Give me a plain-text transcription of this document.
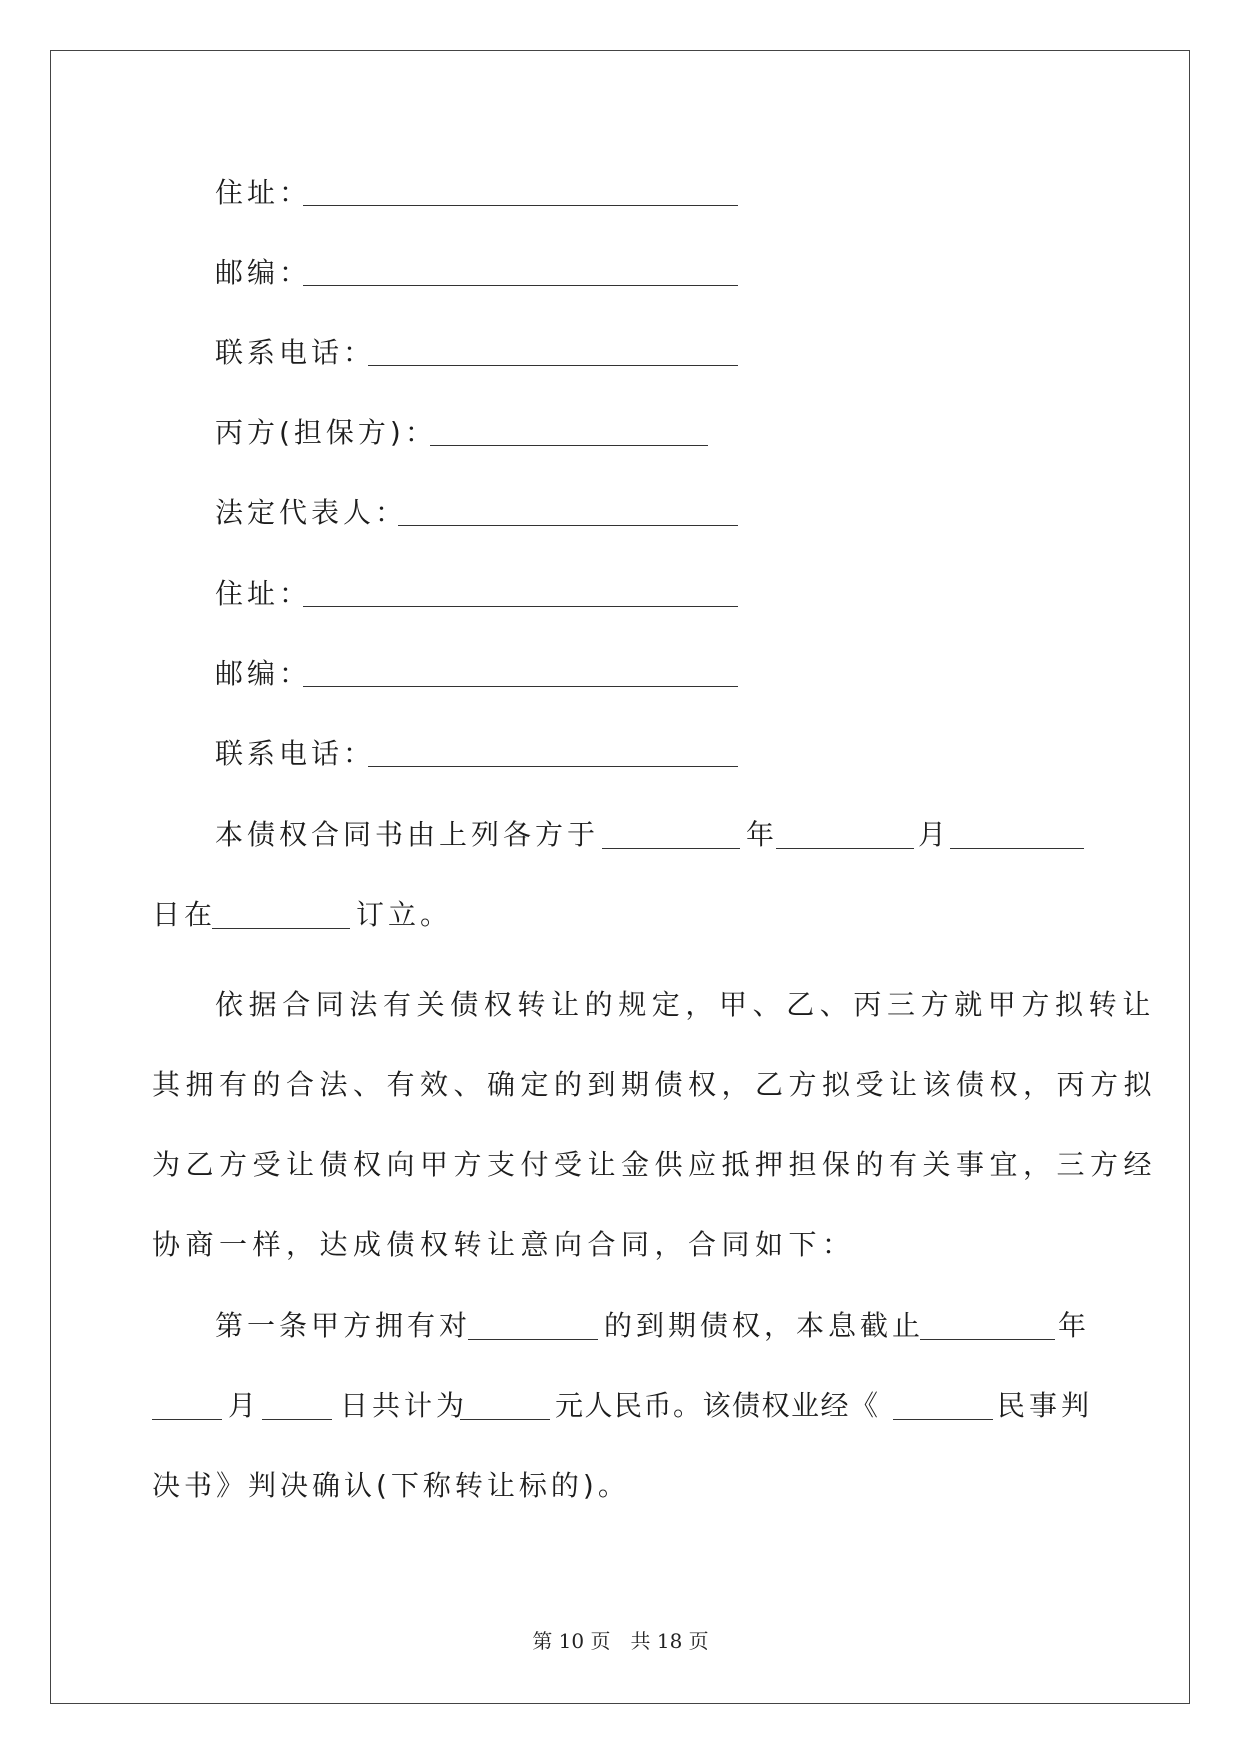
住址：
邮编：
联系电话：
丙方(担保方)：
法定代表人：
住址：
邮编：
联系电话：
本债权合同书由上列各方于	年	月
日在	订立。
依据合同法有关债权转让的规定，甲、乙、丙三方就甲方拟转让
其拥有的合法、有效、确定的到期债权，乙方拟受让该债权，丙方拟
为乙方受让债权向甲方支付受让金供应抵押担保的有关事宜，三方经
协商一样，达成债权转让意向合同，合同如下：
第一条甲方拥有对	的到期债权，本息截止	年
月	日共计为	元人民币。该债权业经《	民事判
决书》判决确认(下称转让标的)。
第 10 页　共 18 页
